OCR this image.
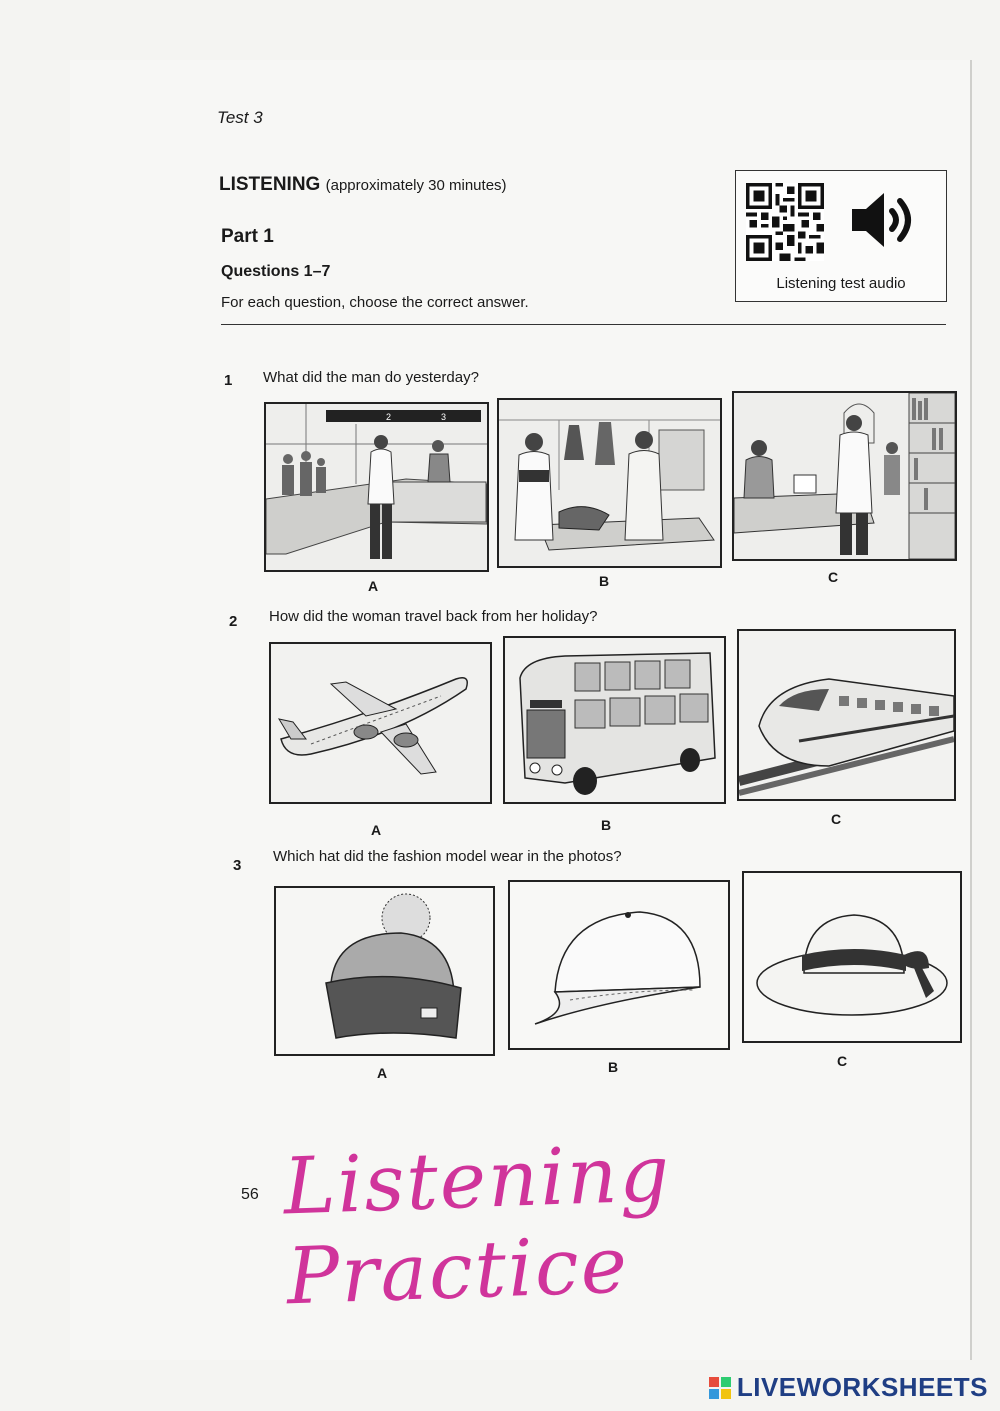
Test 3
LISTENING (approximately 30 minutes)
Part 1
Questions 1–7
For each question, choose the correct answer.
Listening test audio
1 What did the man do yesterday?
2	3
A	B	C
2 How did the woman travel back from her holiday?
A	B	C
3
Which hat did the fashion model wear in the photos?
A	B	C
56 Listening Practice
LIVEWORKSHEETS
